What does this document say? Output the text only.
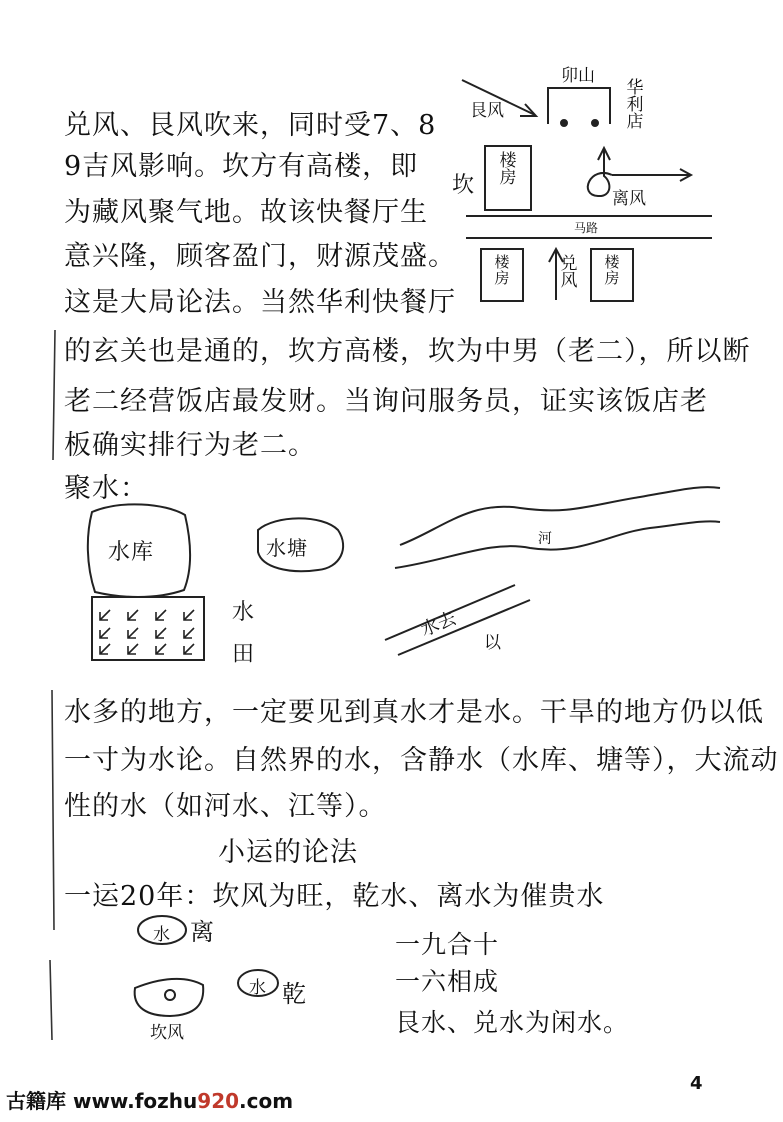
兑风、艮风吹来，同时受7、8
9吉风影响。坎方有高楼，即
为藏风聚气地。故该快餐厅生
意兴隆，顾客盈门，财源茂盛。
这是大局论法。当然华利快餐厅
的玄关也是通的，坎方高楼，坎为中男（老二），所以断
老二经营饭店最发财。当询问服务员，证实该饭店老
板确实排行为老二。
卯山
华利店
艮风
坎
楼房
离风
马路
楼房
兑风
楼房
聚水：
水库	水塘	河
水
田
水去
以
水多的地方，一定要见到真水才是水。干旱的地方仍以低
一寸为水论。自然界的水，含静水（水库、塘等），大流动
性的水（如河水、江等）。
小运的论法
一运20年：坎风为旺，乾水、离水为催贵水
水 离
水 乾
坎风
一九合十
一六相成
艮水、兑水为闲水。
古籍库 www.fozhu920.com
4
